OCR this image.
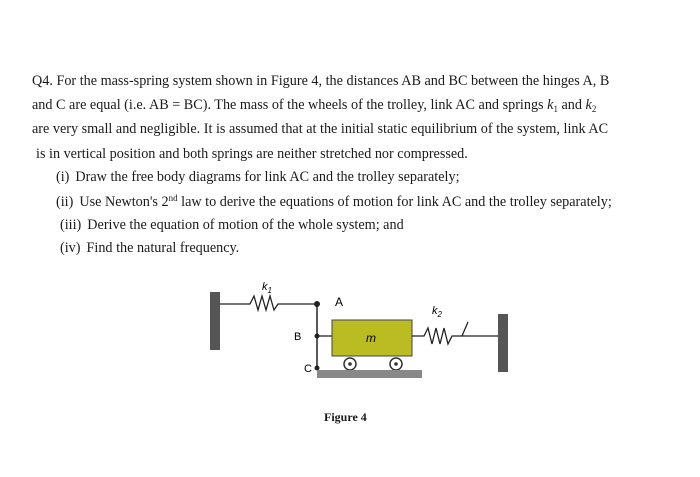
Q4. For the mass-spring system shown in Figure 4, the distances AB and BC between the hinges A, B
and C are equal (i.e. AB = BC). The mass of the wheels of the trolley, link AC and springs $k_1$ and $k_2$
are very small and negligible. It is assumed that at the initial static equilibrium of the system, link AC
is in vertical position and both springs are neither stretched nor compressed.
(i) Draw the free body diagrams for link AC and the trolley separately;
(ii) Use Newton's 2nd law to derive the equations of motion for link AC and the trolley separately;
(iii) Derive the equation of motion of the whole system; and
(iv) Find the natural frequency.
$k_1$
A
B
C
m
$k_2$
Figure 4
